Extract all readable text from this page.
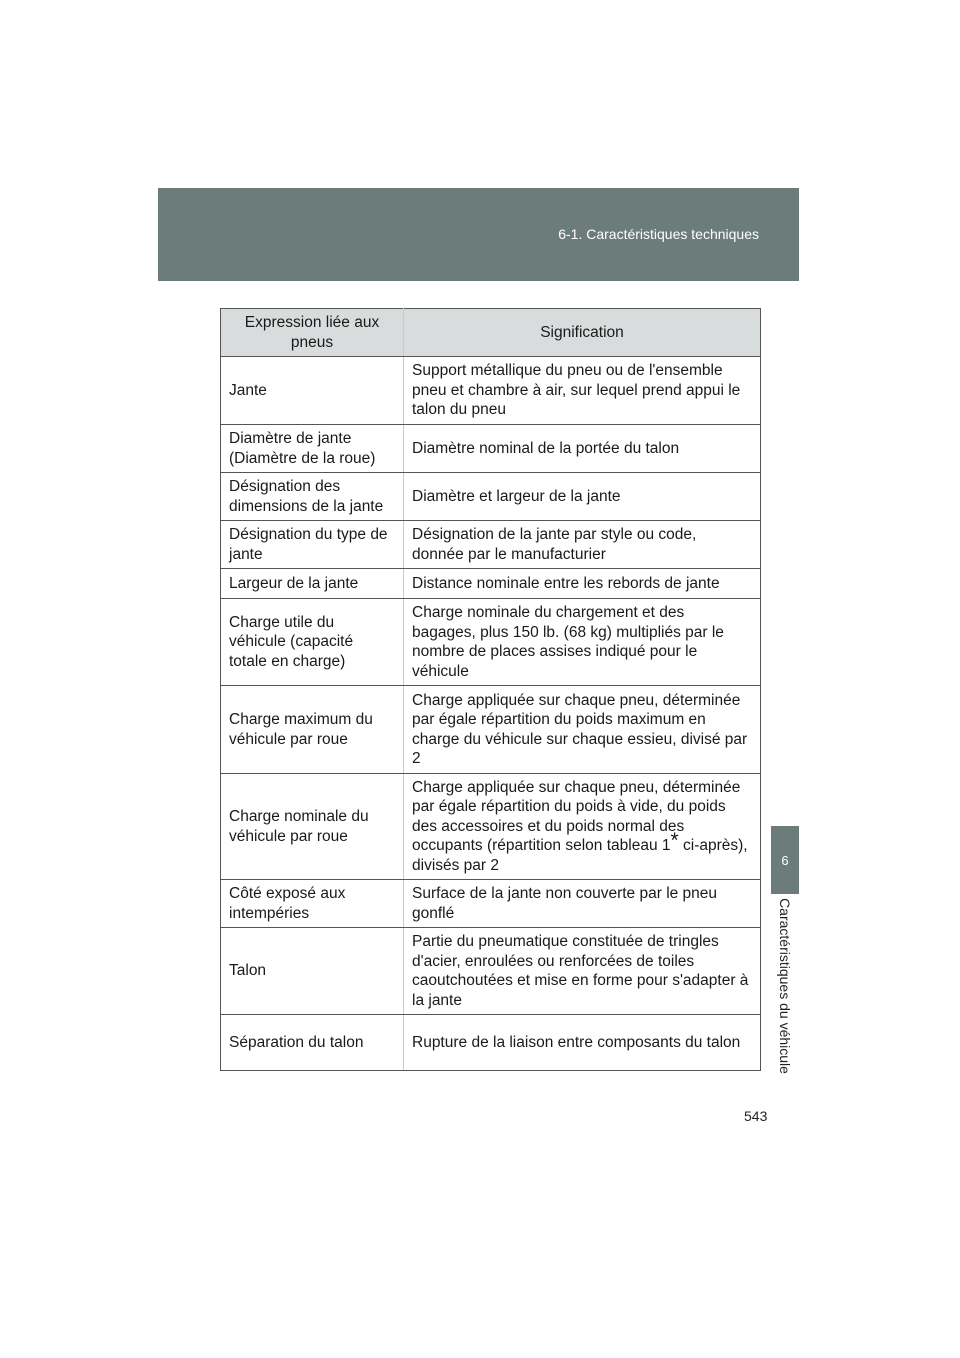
6-1. Caractéristiques techniques
6
Caractéristiques du véhicule
Expression liée aux pneus	Signification
Jante	Support métallique du pneu ou de l'ensemble pneu et chambre à air, sur lequel prend appui le talon du pneu
Diamètre de jante (Diamètre de la roue)	Diamètre nominal de la portée du talon
Désignation des dimensions de la jante	Diamètre et largeur de la jante
Désignation du type de jante	Désignation de la jante par style ou code, donnée par le manufacturier
Largeur de la jante	Distance nominale entre les rebords de jante
Charge utile du véhicule (capacité totale en charge)	Charge nominale du chargement et des bagages, plus 150 lb. (68 kg) multipliés par le nombre de places assises indiqué pour le véhicule
Charge maximum du véhicule par roue	Charge appliquée sur chaque pneu, déterminée par égale répartition du poids maximum en charge du véhicule sur chaque essieu, divisé par 2
Charge nominale du véhicule par roue	Charge appliquée sur chaque pneu, déterminée par égale répartition du poids à vide, du poids des accessoires et du poids normal des occupants (répartition selon tableau 1* ci-après), divisés par 2
Côté exposé aux intempéries	Surface de la jante non couverte par le pneu gonflé
Talon	Partie du pneumatique constituée de tringles d'acier, enroulées ou renforcées de toiles caoutchoutées et mise en forme pour s'adapter à la jante
Séparation du talon	Rupture de la liaison entre composants du talon
543
